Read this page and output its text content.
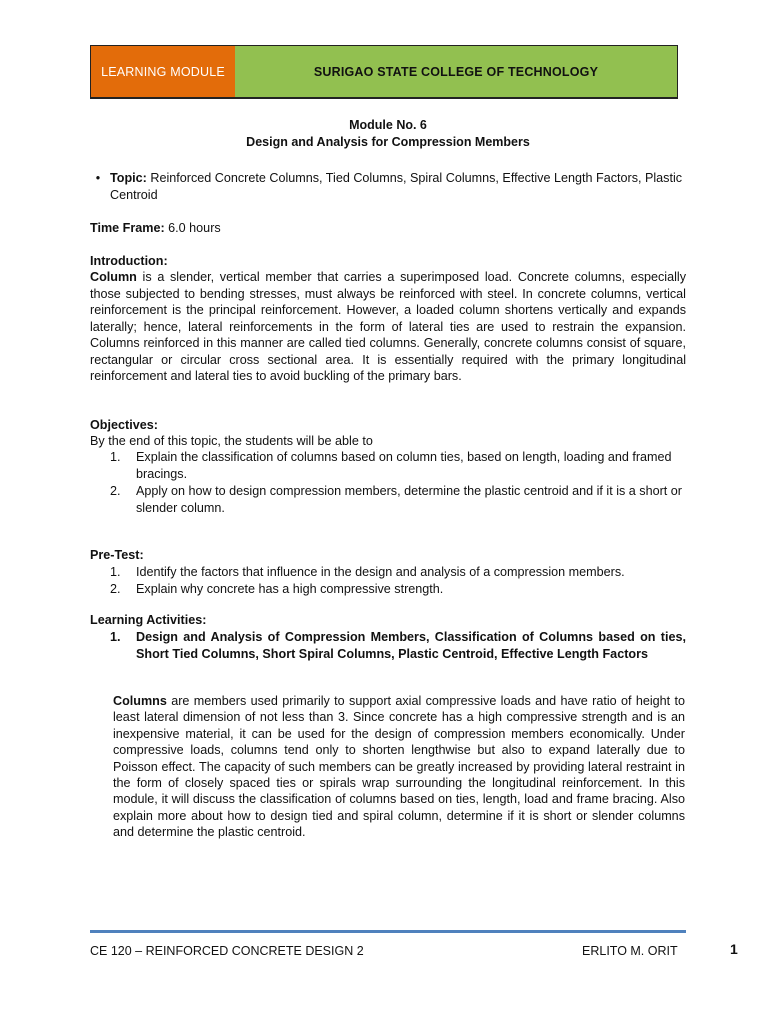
LEARNING MODULE	SURIGAO STATE COLLEGE OF TECHNOLOGY
Module No. 6
Design and Analysis for Compression Members
• Topic: Reinforced Concrete Columns, Tied Columns, Spiral Columns, Effective Length Factors, Plastic Centroid
Time Frame: 6.0 hours
Introduction:
Column is a slender, vertical member that carries a superimposed load. Concrete columns, especially those subjected to bending stresses, must always be reinforced with steel. In concrete columns, vertical reinforcement is the principal reinforcement. However, a loaded column shortens vertically and expands laterally; hence, lateral reinforcements in the form of lateral ties are used to restrain the expansion. Columns reinforced in this manner are called tied columns. Generally, concrete columns consist of square, rectangular or circular cross sectional area. It is essentially required with the primary longitudinal reinforcement and lateral ties to avoid buckling of the primary bars.
Objectives:
By the end of this topic, the students will be able to
1.	Explain the classification of columns based on column ties, based on length, loading and framed bracings.
2.	Apply on how to design compression members, determine the plastic centroid and if it is a short or slender column.
Pre-Test:
1.	Identify the factors that influence in the design and analysis of a compression members.
2.	Explain why concrete has a high compressive strength.
Learning Activities:
1.	Design and Analysis of Compression Members, Classification of Columns based on ties, Short Tied Columns, Short Spiral Columns, Plastic Centroid, Effective Length Factors
Columns are members used primarily to support axial compressive loads and have ratio of height to least lateral dimension of not less than 3. Since concrete has a high compressive strength and is an inexpensive material, it can be used for the design of compression members economically. Under compressive loads, columns tend only to shorten lengthwise but also to expand laterally due to Poisson effect. The capacity of such members can be greatly increased by providing lateral restraint in the form of closely spaced ties or spirals wrap surrounding the longitudinal reinforcement. In this module, it will discuss the classification of columns based on ties, length, load and frame bracing. Also explain more about how to design tied and spiral column, determine if it is short or slender columns and determine the plastic centroid.
CE 120 – REINFORCED CONCRETE DESIGN 2	ERLITO M. ORIT	1
